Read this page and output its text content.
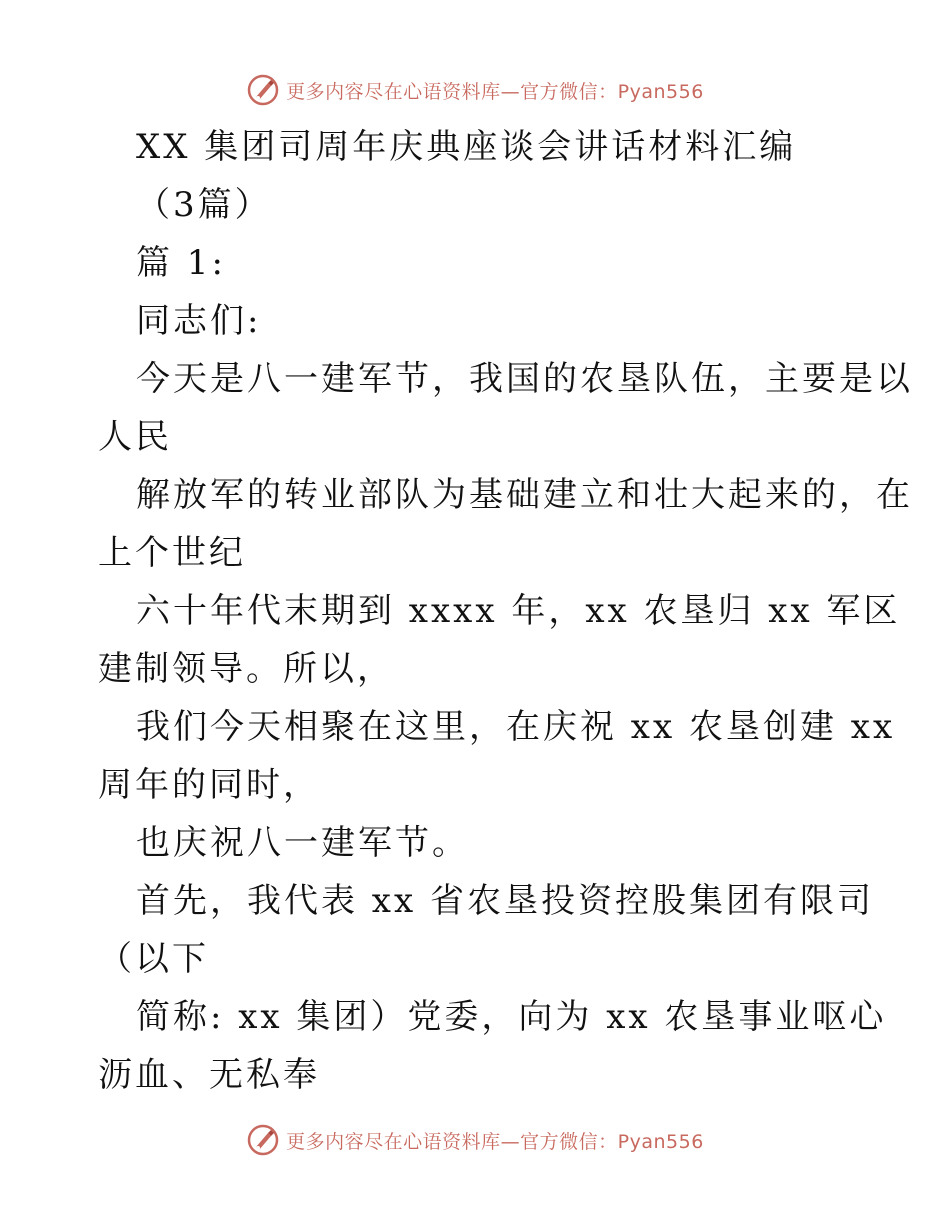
更多内容尽在心语资料库—官方微信：Pyan556
XX 集团司周年庆典座谈会讲话材料汇编
（3篇）
篇 1:
同志们:
今天是八一建军节，我国的农垦队伍，主要是以
人民
解放军的转业部队为基础建立和壮大起来的，在
上个世纪
六十年代末期到 xxxx 年，xx 农垦归 xx 军区
建制领导。所以，
我们今天相聚在这里，在庆祝 xx 农垦创建 xx
周年的同时，
也庆祝八一建军节。
首先，我代表 xx 省农垦投资控股集团有限司
（以下
简称: xx 集团）党委，向为 xx 农垦事业呕心
沥血、无私奉
更多内容尽在心语资料库—官方微信：Pyan556
